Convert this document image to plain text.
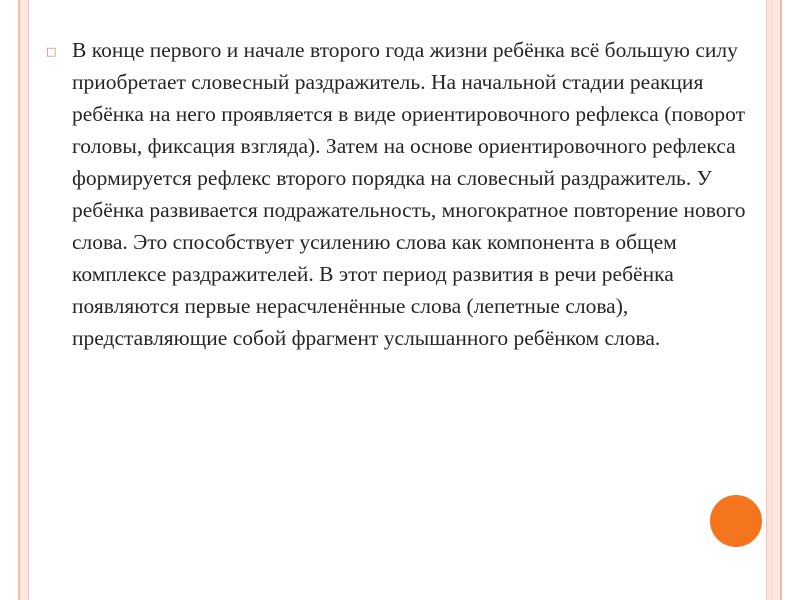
□ В конце первого и начале второго года жизни ребёнка всё большую силу приобретает словесный раздражитель. На начальной стадии реакция ребёнка на него проявляется в виде ориентировочного рефлекса (поворот головы, фиксация взгляда). Затем на основе ориентировочного рефлекса формируется рефлекс второго порядка на словесный раздражитель. У ребёнка развивается подражательность, многократное повторение нового слова. Это способствует усилению слова как компонента в общем комплексе раздражителей. В этот период развития в речи ребёнка появляются первые нерасчленённые слова (лепетные слова), представляющие собой фрагмент услышанного ребёнком слова.
